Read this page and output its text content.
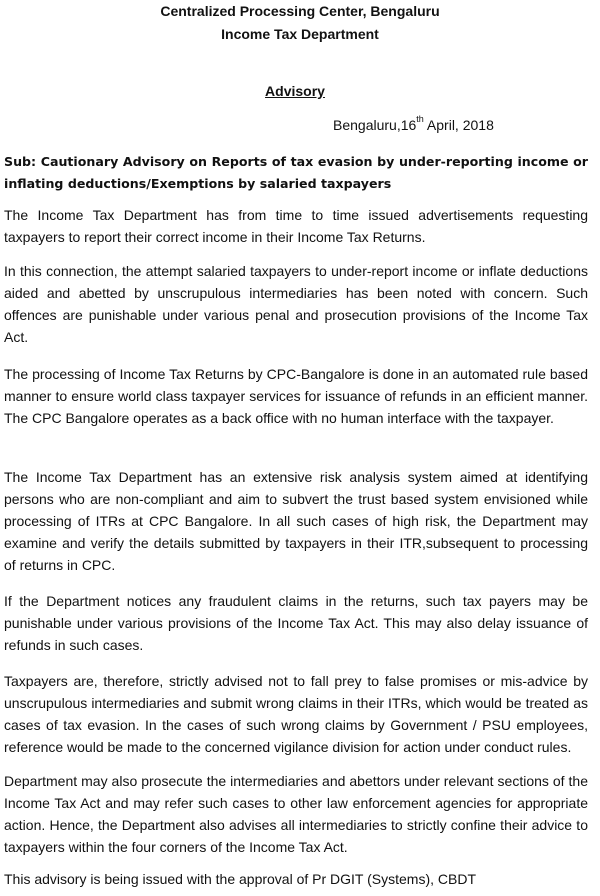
Centralized Processing Center, Bengaluru
Income Tax Department
Advisory
Bengaluru,16th April, 2018
Sub: Cautionary Advisory on Reports of tax evasion by under-reporting income or inflating deductions/Exemptions by salaried taxpayers

The Income Tax Department has from time to time issued advertisements requesting taxpayers to report their correct income in their Income Tax Returns.

In this connection, the attempt salaried taxpayers to under-report income or inflate deductions aided and abetted by unscrupulous intermediaries has been noted with concern. Such offences are punishable under various penal and prosecution provisions of the Income Tax Act.

The processing of Income Tax Returns by CPC-Bangalore is done in an automated rule based manner to ensure world class taxpayer services for issuance of refunds in an efficient manner. The CPC Bangalore operates as a back office with no human interface with the taxpayer.

The Income Tax Department has an extensive risk analysis system aimed at identifying persons who are non-compliant and aim to subvert the trust based system envisioned while processing of ITRs at CPC Bangalore. In all such cases of high risk, the Department may examine and verify the details submitted by taxpayers in their ITR,subsequent to processing of returns in CPC.

If the Department notices any fraudulent claims in the returns, such tax payers may be punishable under various provisions of the Income Tax Act. This may also delay issuance of refunds in such cases.

Taxpayers are, therefore, strictly advised not to fall prey to false promises or mis-advice by unscrupulous intermediaries and submit wrong claims in their ITRs, which would be treated as cases of tax evasion. In the cases of such wrong claims by Government / PSU employees, reference would be made to the concerned vigilance division for action under conduct rules.

Department may also prosecute the intermediaries and abettors under relevant sections of the Income Tax Act and may refer such cases to other law enforcement agencies for appropriate action. Hence, the Department also advises all intermediaries to strictly confine their advice to taxpayers within the four corners of the Income Tax Act.

This advisory is being issued with the approval of Pr DGIT (Systems), CBDT
